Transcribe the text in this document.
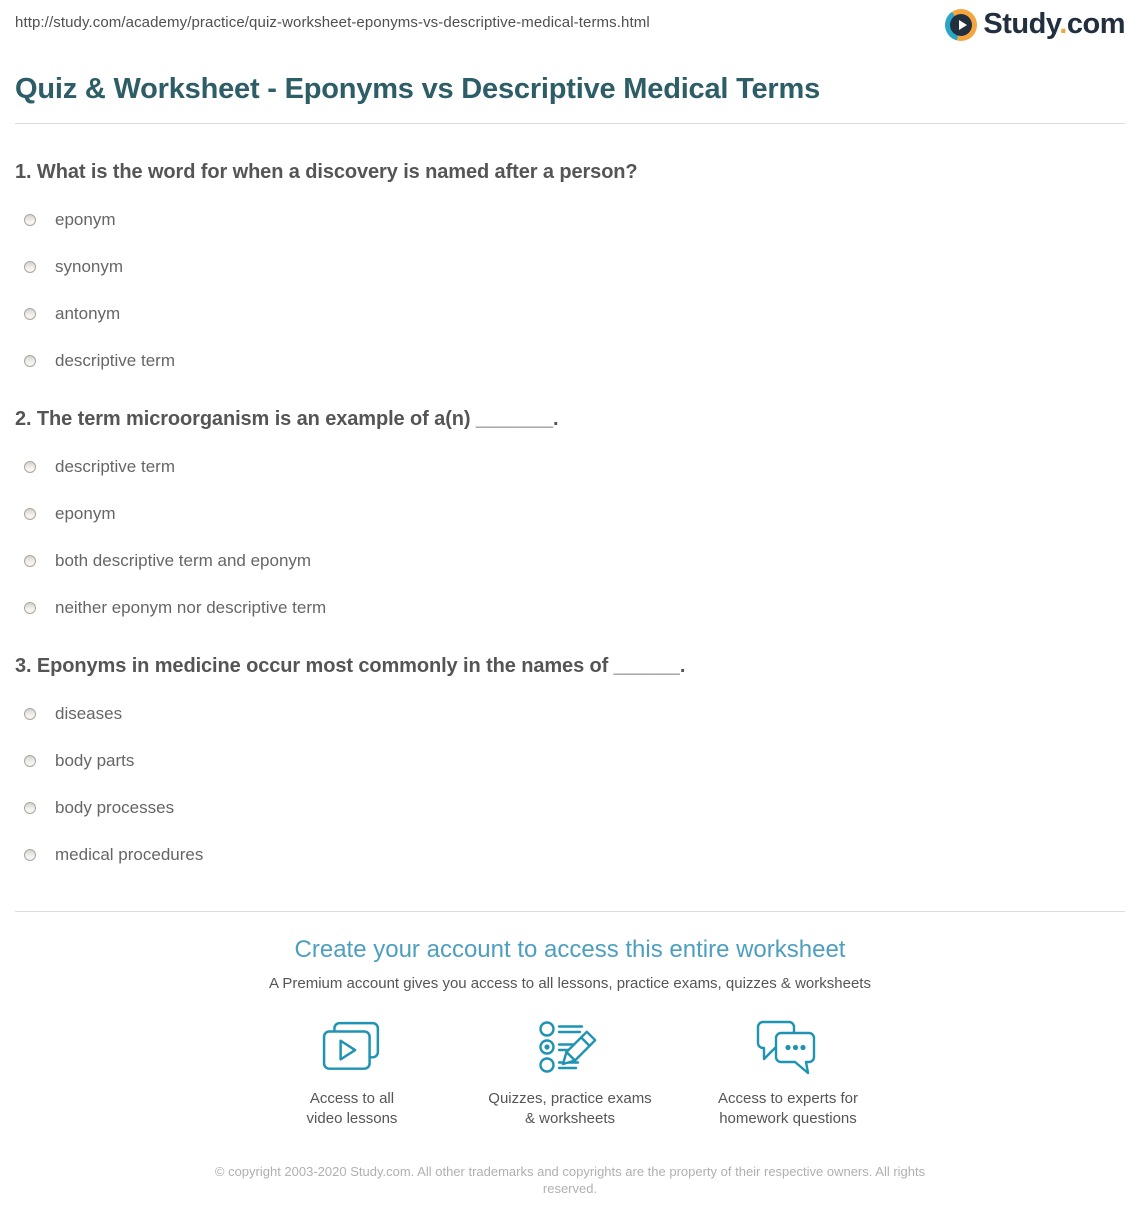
http://study.com/academy/practice/quiz-worksheet-eponyms-vs-descriptive-medical-terms.html	Study.com
Quiz & Worksheet - Eponyms vs Descriptive Medical Terms
1. What is the word for when a discovery is named after a person?
eponym
synonym
antonym
descriptive term
2. The term microorganism is an example of a(n) _______.
descriptive term
eponym
both descriptive term and eponym
neither eponym nor descriptive term
3. Eponyms in medicine occur most commonly in the names of ______.
diseases
body parts
body processes
medical procedures
Create your account to access this entire worksheet
A Premium account gives you access to all lessons, practice exams, quizzes & worksheets
Access to all
video lessons
Quizzes, practice exams
& worksheets
Access to experts for
homework questions
© copyright 2003-2020 Study.com. All other trademarks and copyrights are the property of their respective owners. All rights reserved.
